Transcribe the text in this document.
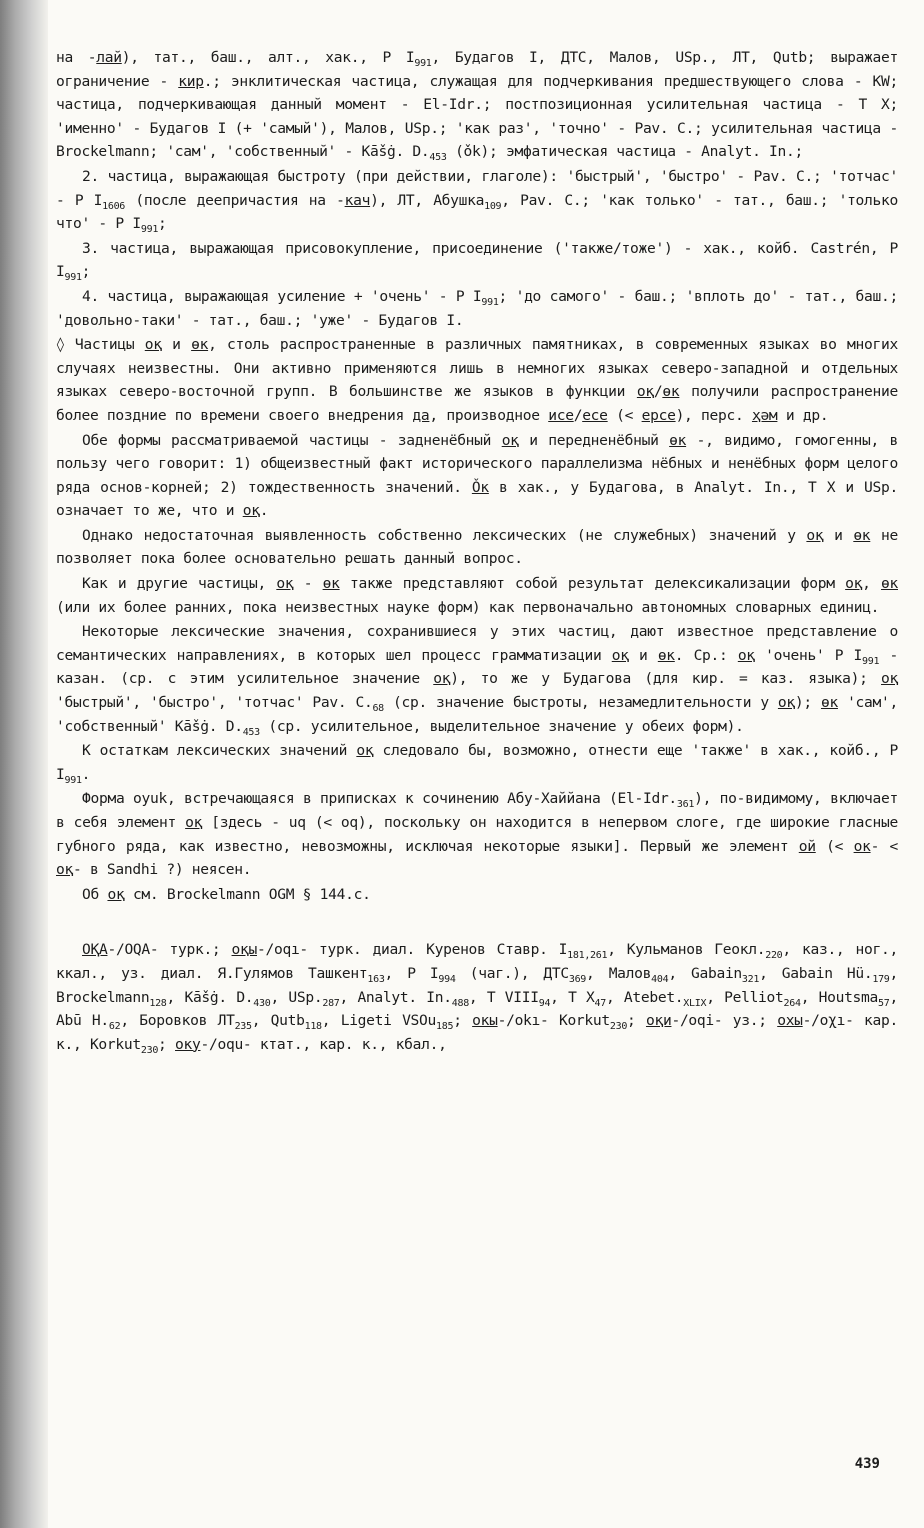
на -лай), тат., баш., алт., хак., Р $I_{991}$, Будагов I, ДТС, Малов, USp., ЛТ, Qutb; выражает ограничение - кир.; энклитическая частица, служащая для подчеркивания предшествующего слова - KW; частица, подчеркивающая данный момент - El-Idr.; постпозиционная усилительная частица - Т X; 'именно' - Будагов I (+ 'самый'), Малов, USp.; 'как раз', 'точно' - Pav. C.; усилительная частица - Brockelmann; 'сам', 'собственный' - Kāšġ. $D._{453}$ (ǒk); эмфатическая частица - Analyt. In.;

2. частица, выражающая быстроту (при действии, глаголе): 'быстрый', 'быстро' - Pav. C.; 'тотчас' - Р $I_{1606}$ (после деепричастия на -кач), ЛТ, Абушка$_{109}$, Pav. C.; 'как только' - тат., баш.; 'только что' - Р $I_{991}$;

3. частица, выражающая присовокупление, присоединение ('также/тоже') - хак., койб. Castrén, Р $I_{991}$;

4. частица, выражающая усиление + 'очень' - Р $I_{991}$; 'до самого' - баш.; 'вплоть до' - тат., баш.; 'довольно-таки' - тат., баш.; 'уже' - Будагов I.

◊ Частицы оқ и өк, столь распространенные в различных памятниках, в современных языках во многих случаях неизвестны. Они активно применяются лишь в немногих языках северо-западной и отдельных языках северо-восточной групп. В большинстве же языков в функции оқ/өк получили распространение более поздние по времени своего внедрения да, производное исе/есе (< ерсе), перс. ҳәм и др.

Обе формы рассматриваемой частицы - задненёбный оқ и передненёбный өк -, видимо, гомогенны, в пользу чего говорит: 1) общеизвестный факт исторического параллелизма нёбных и ненёбных форм целого ряда основ-корней; 2) тождественность значений. Ǒк в хак., у Будагова, в Analyt. In., Т X и USp. означает то же, что и оқ.

Однако недостаточная выявленность собственно лексических (не служебных) значений у оқ и өк не позволяет пока более основательно решать данный вопрос.

Как и другие частицы, оқ - өк также представляют собой результат делексикализации форм оқ, өк (или их более ранних, пока неизвестных науке форм) как первоначально автономных словарных единиц.

Некоторые лексические значения, сохранившиеся у этих частиц, дают известное представление о семантических направлениях, в которых шел процесс грамматизации оқ и өк. Ср.: оқ 'очень' Р $I_{991}$ - казан. (ср. с этим усилительное значение оқ), то же у Будагова (для кир. = каз. языка); оқ 'быстрый', 'быстро', 'тотчас' Pav. $C._{68}$ (ср. значение быстроты, незамедлительности у оқ); өк 'сам', 'собственный' Kāšġ. $D._{453}$ (ср. усилительное, выделительное значение у обеих форм).

К остаткам лексических значений оқ следовало бы, возможно, отнести еще 'также' в хак., койб., Р $I_{991}$.

Форма oyuk, встречающаяся в приписках к сочинению Абу-Хаййана $(El-Idr._{361})$, по-видимому, включает в себя элемент оқ [здесь - uq (< oq), поскольку он находится в непервом слоге, где широкие гласные губного ряда, как известно, невозможны, исключая некоторые языки]. Первый же элемент ой (< ок- < оқ- в Sandhi ?) неясен.

Об оқ см. Brockelmann OGM § 144.c.

ОҚА-/OQA- турк.; оқы-/oqı- турк. диал. Куренов Ставр. $I_{181,261}$, Кульманов $Геокл._{220}$, каз., ног., ккал., уз. диал. Я.Гулямов Ташкент$_{163}$, Р $I_{994}$ (чаг.), $ДТС_{369}$, Малов$_{404}$, Gabain$_{321}$, Gabain $Hü._{179}$, Brockelmann$_{128}$, Kāšġ. $D._{430}$, $USp._{287}$, Analyt. $In._{488}$, Т $VIII_{94}$, Т $X_{47}$, $Atebet._{XLIX}$, Pelliot$_{264}$, Houtsma$_{57}$, Abū $H._{62}$, Боровков $ЛТ_{235}$, Qutb$_{118}$, Ligeti VSOu$_{185}$; окы-/okı- Korkut$_{230}$; оқи-/oqi- уз.; охы-/oχı- кар. к., Korkut$_{230}$; оку-/oqu- ктат., кар. к., кбал.,

439
